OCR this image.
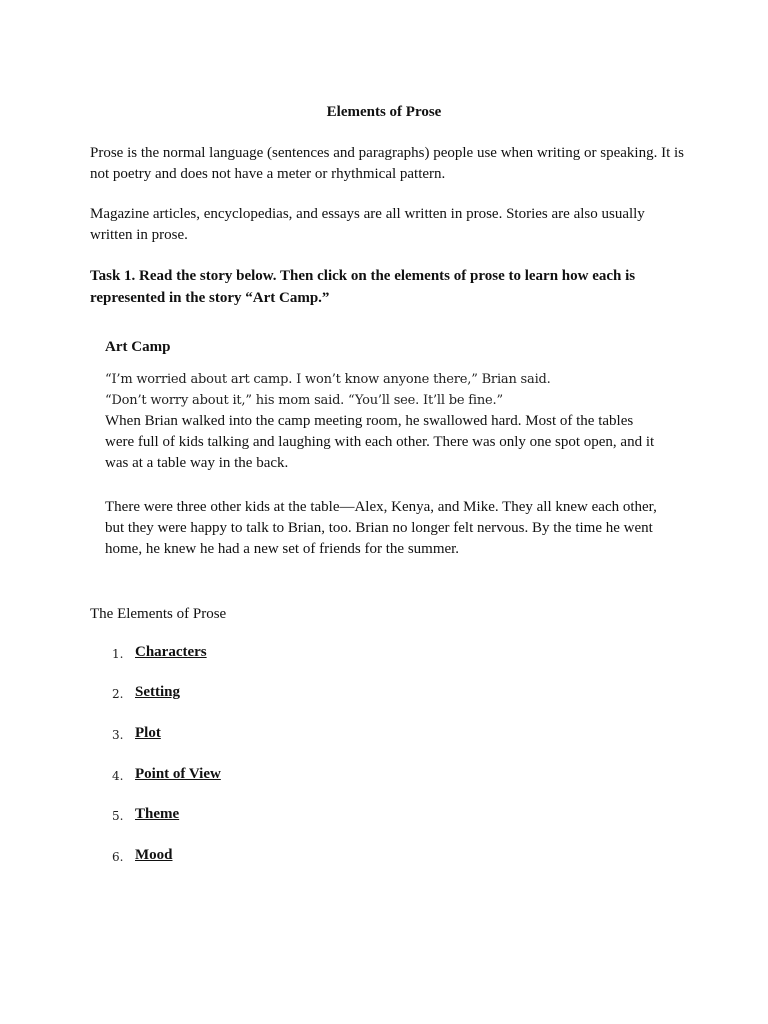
Elements of Prose

Prose is the normal language (sentences and paragraphs) people use when writing or speaking. It is not poetry and does not have a meter or rhythmical pattern.

Magazine articles, encyclopedias, and essays are all written in prose. Stories are also usually written in prose.

Task 1. Read the story below. Then click on the elements of prose to learn how each is represented in the story “Art Camp.”

Art Camp

“I’m worried about art camp. I won’t know anyone there,” Brian said.
“Don’t worry about it,” his mom said. “You’ll see. It’ll be fine.”
When Brian walked into the camp meeting room, he swallowed hard. Most of the tables were full of kids talking and laughing with each other. There was only one spot open, and it was at a table way in the back.

There were three other kids at the table—Alex, Kenya, and Mike. They all knew each other, but they were happy to talk to Brian, too. Brian no longer felt nervous. By the time he went home, he knew he had a new set of friends for the summer.

The Elements of Prose
1. Characters
2. Setting
3. Plot
4. Point of View
5. Theme
6. Mood
